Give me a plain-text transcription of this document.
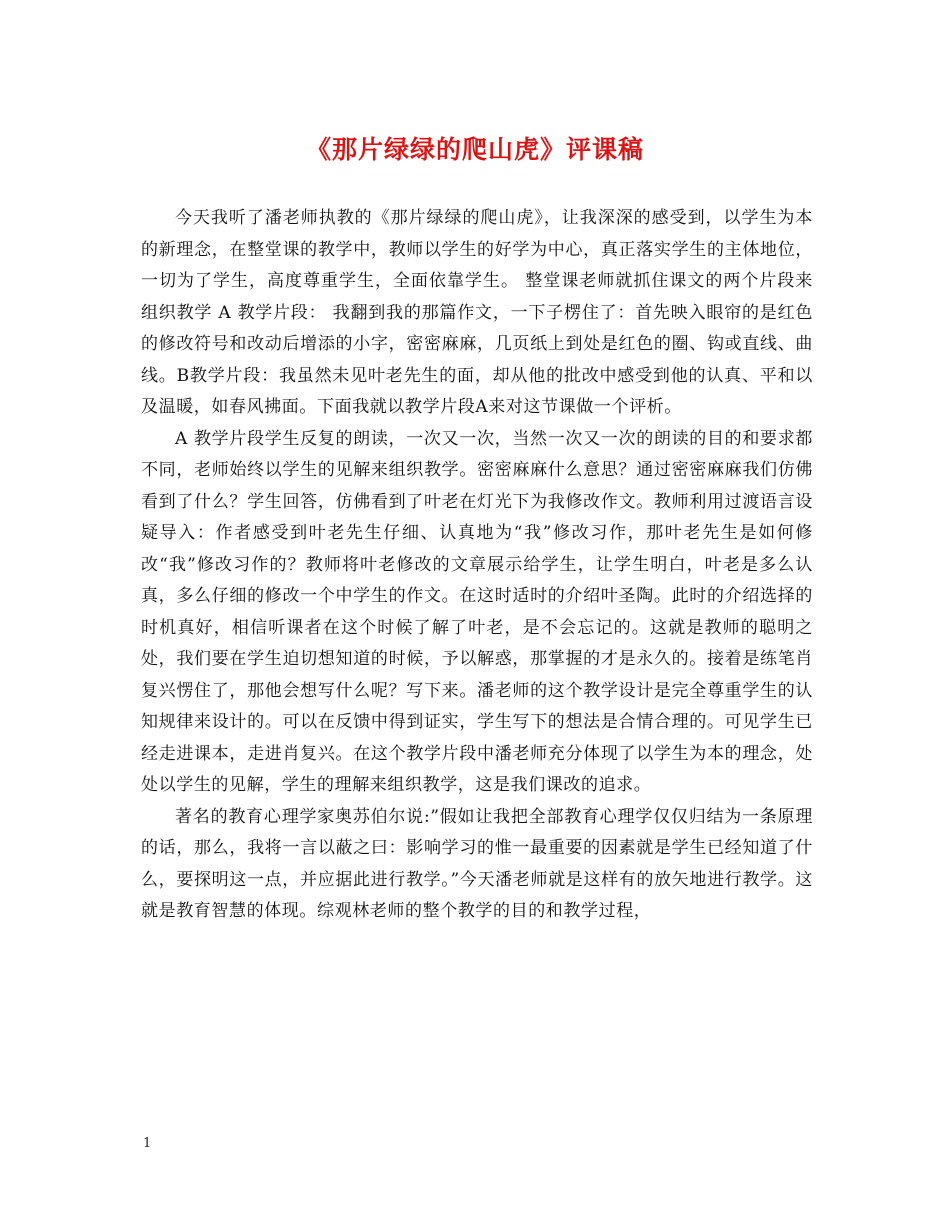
《那片绿绿的爬山虎》评课稿

今天我听了潘老师执教的《那片绿绿的爬山虎》，让我深深的感受到，以学生为本的新理念，在整堂课的教学中，教师以学生的好学为中心，真正落实学生的主体地位，一切为了学生，高度尊重学生，全面依靠学生。 整堂课老师就抓住课文的两个片段来组织教学 A 教学片段： 我翻到我的那篇作文，一下子楞住了：首先映入眼帘的是红色的修改符号和改动后增添的小字，密密麻麻，几页纸上到处是红色的圈、钩或直线、曲线。B教学片段：我虽然未见叶老先生的面，却从他的批改中感受到他的认真、平和以及温暖，如春风拂面。下面我就以教学片段A来对这节课做一个评析。

A 教学片段学生反复的朗读，一次又一次，当然一次又一次的朗读的目的和要求都不同，老师始终以学生的见解来组织教学。密密麻麻什么意思？通过密密麻麻我们仿佛看到了什么？学生回答，仿佛看到了叶老在灯光下为我修改作文。教师利用过渡语言设疑导入：作者感受到叶老先生仔细、认真地为“我”修改习作，那叶老先生是如何修改“我”修改习作的？教师将叶老修改的文章展示给学生，让学生明白，叶老是多么认真，多么仔细的修改一个中学生的作文。在这时适时的介绍叶圣陶。此时的介绍选择的时机真好，相信听课者在这个时候了解了叶老，是不会忘记的。这就是教师的聪明之处，我们要在学生迫切想知道的时候，予以解惑，那掌握的才是永久的。接着是练笔肖复兴愣住了，那他会想写什么呢？写下来。潘老师的这个教学设计是完全尊重学生的认知规律来设计的。可以在反馈中得到证实，学生写下的想法是合情合理的。可见学生已经走进课本，走进肖复兴。在这个教学片段中潘老师充分体现了以学生为本的理念，处处以学生的见解，学生的理解来组织教学，这是我们课改的追求。

著名的教育心理学家奥苏伯尔说:”假如让我把全部教育心理学仅仅归结为一条原理的话，那么，我将一言以蔽之曰：影响学习的惟一最重要的因素就是学生已经知道了什么，要探明这一点，并应据此进行教学。”今天潘老师就是这样有的放矢地进行教学。这就是教育智慧的体现。综观林老师的整个教学的目的和教学过程，

1
